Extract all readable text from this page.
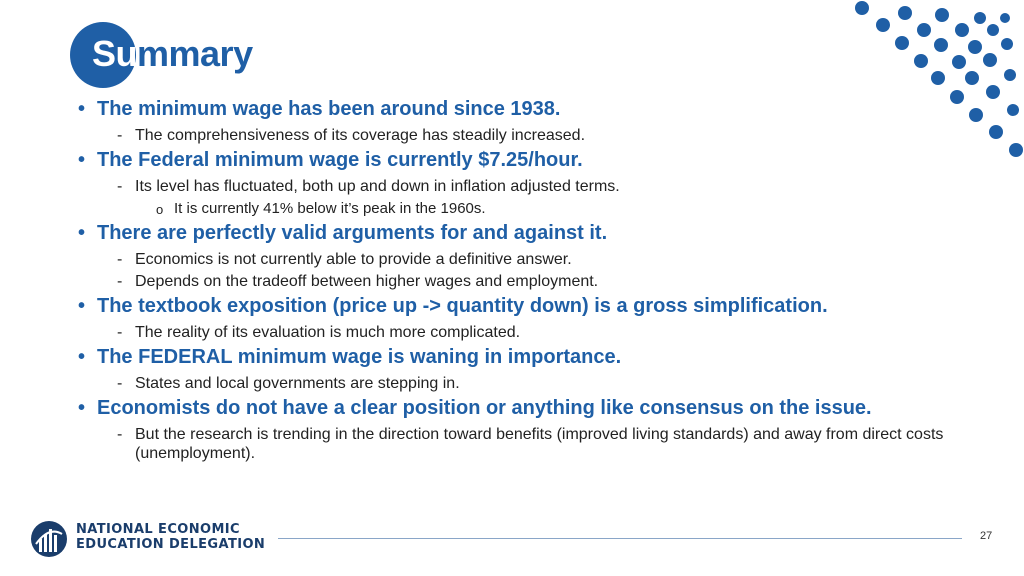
Summary
• The minimum wage has been around since 1938.
- The comprehensiveness of its coverage has steadily increased.
• The Federal minimum wage is currently $7.25/hour.
- Its level has fluctuated, both up and down in inflation adjusted terms.
o It is currently 41% below it’s peak in the 1960s.
• There are perfectly valid arguments for and against it.
- Economics is not currently able to provide a definitive answer.
- Depends on the tradeoff between higher wages and employment.
• The textbook exposition (price up -> quantity down) is a gross simplification.
- The reality of its evaluation is much more complicated.
• The FEDERAL minimum wage is waning in importance.
- States and local governments are stepping in.
• Economists do not have a clear position or anything like consensus on the issue.
- But the research is trending in the direction toward benefits (improved living standards) and away from direct costs (unemployment).
NATIONAL ECONOMIC
EDUCATION DELEGATION
27
